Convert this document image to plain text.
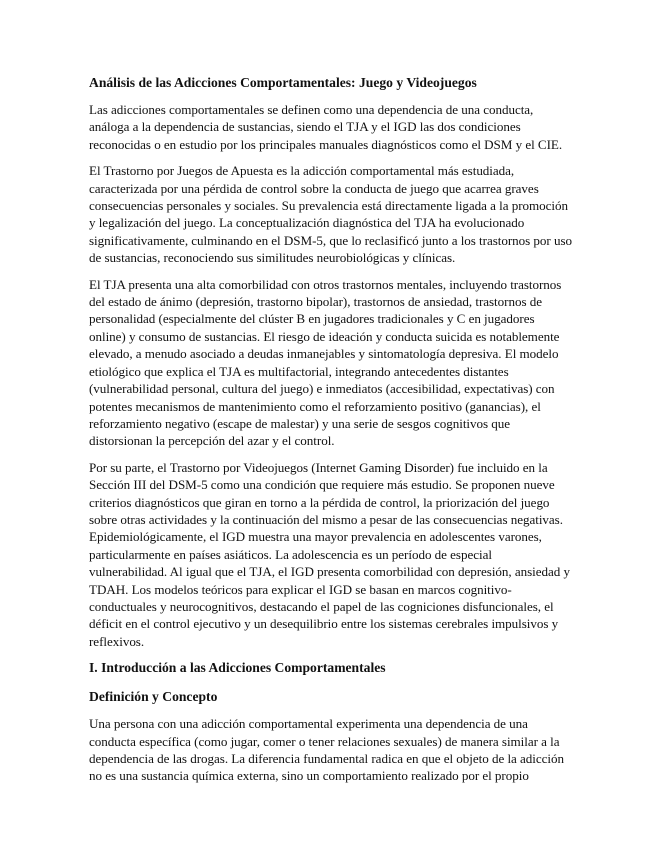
Análisis de las Adicciones Comportamentales: Juego y Videojuegos

Las adicciones comportamentales se definen como una dependencia de una conducta, análoga a la dependencia de sustancias, siendo el TJA y el IGD las dos condiciones reconocidas o en estudio por los principales manuales diagnósticos como el DSM y el CIE.

El Trastorno por Juegos de Apuesta es la adicción comportamental más estudiada, caracterizada por una pérdida de control sobre la conducta de juego que acarrea graves consecuencias personales y sociales. Su prevalencia está directamente ligada a la promoción y legalización del juego. La conceptualización diagnóstica del TJA ha evolucionado significativamente, culminando en el DSM-5, que lo reclasificó junto a los trastornos por uso de sustancias, reconociendo sus similitudes neurobiológicas y clínicas.

El TJA presenta una alta comorbilidad con otros trastornos mentales, incluyendo trastornos del estado de ánimo (depresión, trastorno bipolar), trastornos de ansiedad, trastornos de personalidad (especialmente del clúster B en jugadores tradicionales y C en jugadores online) y consumo de sustancias. El riesgo de ideación y conducta suicida es notablemente elevado, a menudo asociado a deudas inmanejables y sintomatología depresiva. El modelo etiológico que explica el TJA es multifactorial, integrando antecedentes distantes (vulnerabilidad personal, cultura del juego) e inmediatos (accesibilidad, expectativas) con potentes mecanismos de mantenimiento como el reforzamiento positivo (ganancias), el reforzamiento negativo (escape de malestar) y una serie de sesgos cognitivos que distorsionan la percepción del azar y el control.

Por su parte, el Trastorno por Videojuegos (Internet Gaming Disorder) fue incluido en la Sección III del DSM-5 como una condición que requiere más estudio. Se proponen nueve criterios diagnósticos que giran en torno a la pérdida de control, la priorización del juego sobre otras actividades y la continuación del mismo a pesar de las consecuencias negativas. Epidemiológicamente, el IGD muestra una mayor prevalencia en adolescentes varones, particularmente en países asiáticos. La adolescencia es un período de especial vulnerabilidad. Al igual que el TJA, el IGD presenta comorbilidad con depresión, ansiedad y TDAH. Los modelos teóricos para explicar el IGD se basan en marcos cognitivo-conductuales y neurocognitivos, destacando el papel de las cogniciones disfuncionales, el déficit en el control ejecutivo y un desequilibrio entre los sistemas cerebrales impulsivos y reflexivos.

I. Introducción a las Adicciones Comportamentales
Definición y Concepto

Una persona con una adicción comportamental experimenta una dependencia de una conducta específica (como jugar, comer o tener relaciones sexuales) de manera similar a la dependencia de las drogas. La diferencia fundamental radica en que el objeto de la adicción no es una sustancia química externa, sino un comportamiento realizado por el propio
